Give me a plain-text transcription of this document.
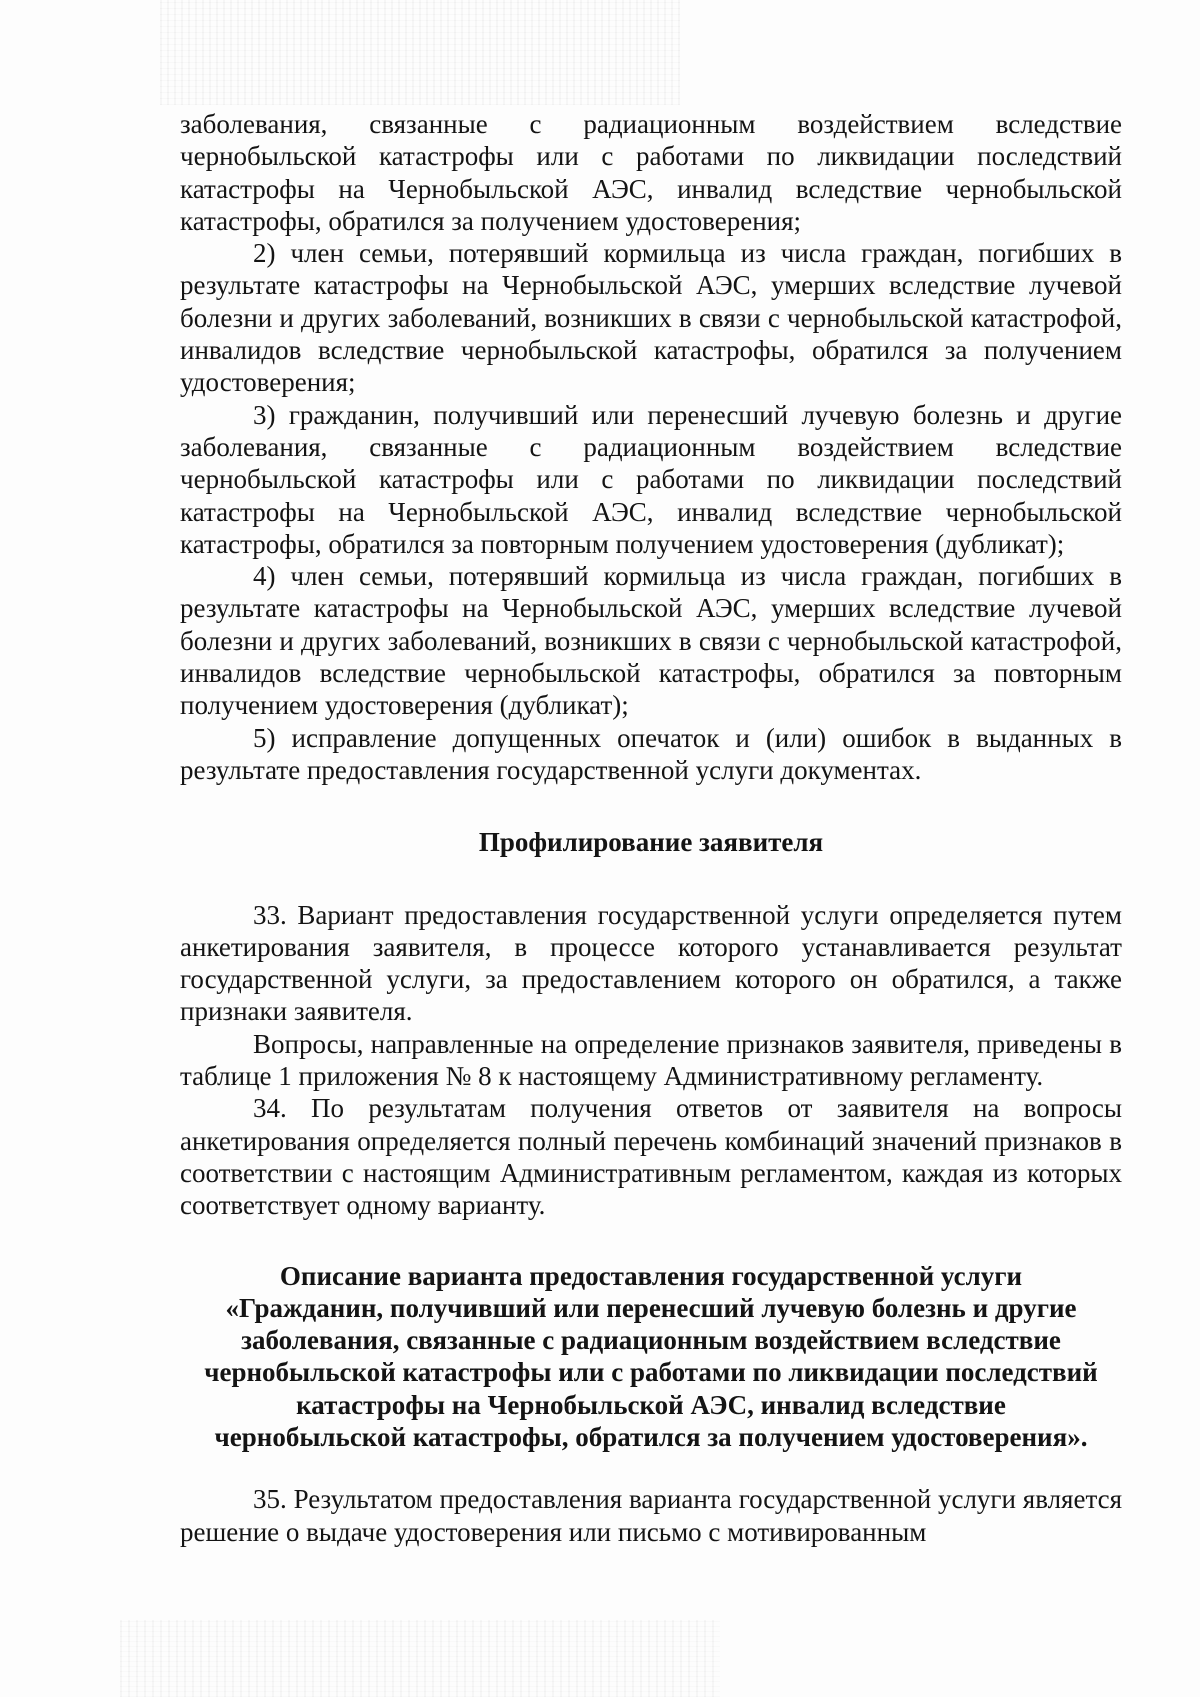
заболевания, связанные с радиационным воздействием вследствие чернобыльской катастрофы или с работами по ликвидации последствий катастрофы на Чернобыльской АЭС, инвалид вследствие чернобыльской катастрофы, обратился за получением удостоверения;

2) член семьи, потерявший кормильца из числа граждан, погибших в результате катастрофы на Чернобыльской АЭС, умерших вследствие лучевой болезни и других заболеваний, возникших в связи с чернобыльской катастрофой, инвалидов вследствие чернобыльской катастрофы, обратился за получением удостоверения;

3) гражданин, получивший или перенесший лучевую болезнь и другие заболевания, связанные с радиационным воздействием вследствие чернобыльской катастрофы или с работами по ликвидации последствий катастрофы на Чернобыльской АЭС, инвалид вследствие чернобыльской катастрофы, обратился за повторным получением удостоверения (дубликат);

4) член семьи, потерявший кормильца из числа граждан, погибших в результате катастрофы на Чернобыльской АЭС, умерших вследствие лучевой болезни и других заболеваний, возникших в связи с чернобыльской катастрофой, инвалидов вследствие чернобыльской катастрофы, обратился за повторным получением удостоверения (дубликат);

5) исправление допущенных опечаток и (или) ошибок в выданных в результате предоставления государственной услуги документах.

Профилирование заявителя

33. Вариант предоставления государственной услуги определяется путем анкетирования заявителя, в процессе которого устанавливается результат государственной услуги, за предоставлением которого он обратился, а также признаки заявителя.

Вопросы, направленные на определение признаков заявителя, приведены в таблице 1 приложения № 8 к настоящему Административному регламенту.

34. По результатам получения ответов от заявителя на вопросы анкетирования определяется полный перечень комбинаций значений признаков в соответствии с настоящим Административным регламентом, каждая из которых соответствует одному варианту.

Описание варианта предоставления государственной услуги
«Гражданин, получивший или перенесший лучевую болезнь и другие
заболевания, связанные с радиационным воздействием вследствие
чернобыльской катастрофы или с работами по ликвидации последствий
катастрофы на Чернобыльской АЭС, инвалид вследствие
чернобыльской катастрофы, обратился за получением удостоверения».

35. Результатом предоставления варианта государственной услуги является решение о выдаче удостоверения или письмо с мотивированным
